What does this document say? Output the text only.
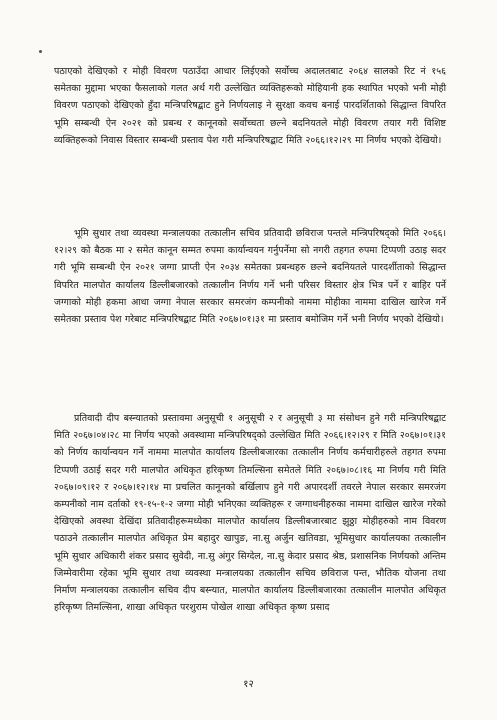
पठाएको देखिएको र मोही विवरण पठाउँदा आधार लिईएको सर्वोच्च अदालतबाट २०६४ सालको रिट नं १५६ समेतका मुद्दामा भएका फैसलाको गलत अर्थ गरी उल्लेखित व्यक्तिहरूको मोहियानी हक स्थापित भएको भनी मोही विवरण पठाएको देखिएको हुँदा मन्त्रिपरिषद्बाट हुने निर्णयलाइ ने सुरक्षा कवच बनाई पारदर्शिताको सिद्धान्त विपरित भूमि सम्बन्धी ऐन २०२१ को प्रबन्ध र कानूनको सर्वोच्चता छल्ने बदनियतले मोही विवरण तयार गरी विशिष्ट व्यक्तिहरूको निवास विस्तार सम्बन्धी प्रस्ताव पेश गरी मन्त्रिपरिषद्बाट मिति २०६६।१२।२९ मा निर्णय भएको देखियो।

भूमि सुधार तथा व्यवस्था मन्त्रालयका तत्कालीन सचिव प्रतिवादी छविराज पन्तले मन्त्रिपरिषद्को मिति २०६६।१२।२९ को बैठक मा २ समेत कानून सम्मत रुपमा कार्यान्वयन गर्नुपर्नेमा सो नगरी तहगत रुपमा टिप्पणी उठाइ सदर गरी भूमि सम्बन्धी ऐन २०२१ जग्गा प्राप्ती ऐन २०३४ समेतका प्रबन्धहरु छल्ने बदनियतले पारदर्शीताको सिद्धान्त विपरित मालपोत कार्यालय डिल्लीबजारको तत्कालीन निर्णय गर्ने भनी परिसर विस्तार क्षेत्र भित्र पर्ने र बाहिर पर्ने जग्गाको मोही हकमा आधा जग्गा नेपाल सरकार समरजंग कम्पनीको नाममा मोहीका नाममा दाखिल खारेज गर्ने समेतका प्रस्ताव पेश गरेबाट मन्त्रिपरिषद्बाट मिति २०६७।०१।३१ मा प्रस्ताव बमोजिम गर्ने भनी निर्णय भएको देखियो।

प्रतिवादी दीप बस्न्यातको प्रस्तावमा अनुसूची १ अनुसूची २ र अनुसूची ३ मा संसोधन हुने गरी मन्त्रिपरिषद्बाट मिति २०६७।०४।२८ मा निर्णय भएको अवस्थामा मन्त्रिपरिषद्को उल्लेखित मिति २०६६।१२।२९ र मिति २०६७।०१।३१ को निर्णय कार्यान्वयन गर्ने नाममा मालपोत कार्यालय डिल्लीबजारका तत्कालीन निर्णय कर्मचारीहरुले तहगत रुपमा टिप्पणी उठाई सदर गरी मालपोत अधिकृत हरिकृष्ण तिमल्सिना समेतले मिति २०६७।०८।१६ मा निर्णय गरी मिति २०६७।०९।१२ र २०६७।१२।१४ मा प्रचलित कानूनको बर्खिलाप हुने गरी अपारदर्शी तवरले नेपाल सरकार समरजंग कम्पनीको नाम दर्ताको १९-१५-१-२ जग्गा मोही भनिएका व्यक्तिहरू र जग्गाधनीहरुका नाममा दाखिल खारेज गरेको देखिएको अवस्था देखिंदा प्रतिवादीहरूमध्येका मालपोत कार्यालय डिल्लीबजारबाट झुठ्ठा मोहीहरुको नाम विवरण पठाउने तत्कालीन मालपोत अधिकृत प्रेम बहादुर खापुङ, ना.सु अर्जुन खतिवडा, भूमिसुधार कार्यालयका तत्कालीन भूमि सुधार अधिकारी शंकर प्रसाद सुवेदी, ना.सु अंगुर सिग्देल, ना.सु केदार प्रसाद श्रेष्ठ, प्रशासनिक निर्णयको अन्तिम जिम्मेवारीमा रहेका भूमि सुधार तथा व्यवस्था मन्त्रालयका तत्कालीन सचिव छविराज पन्त, भौतिक योजना तथा निर्माण मन्त्रालयका तत्कालीन सचिव दीप बस्न्यात, मालपोत कार्यालय डिल्लीबजारका तत्कालीन मालपोत अधिकृत हरिकृष्ण तिमल्सिना, शाखा अधिकृत परशुराम पोखेल शाखा अधिकृत कृष्ण प्रसाद

१२
